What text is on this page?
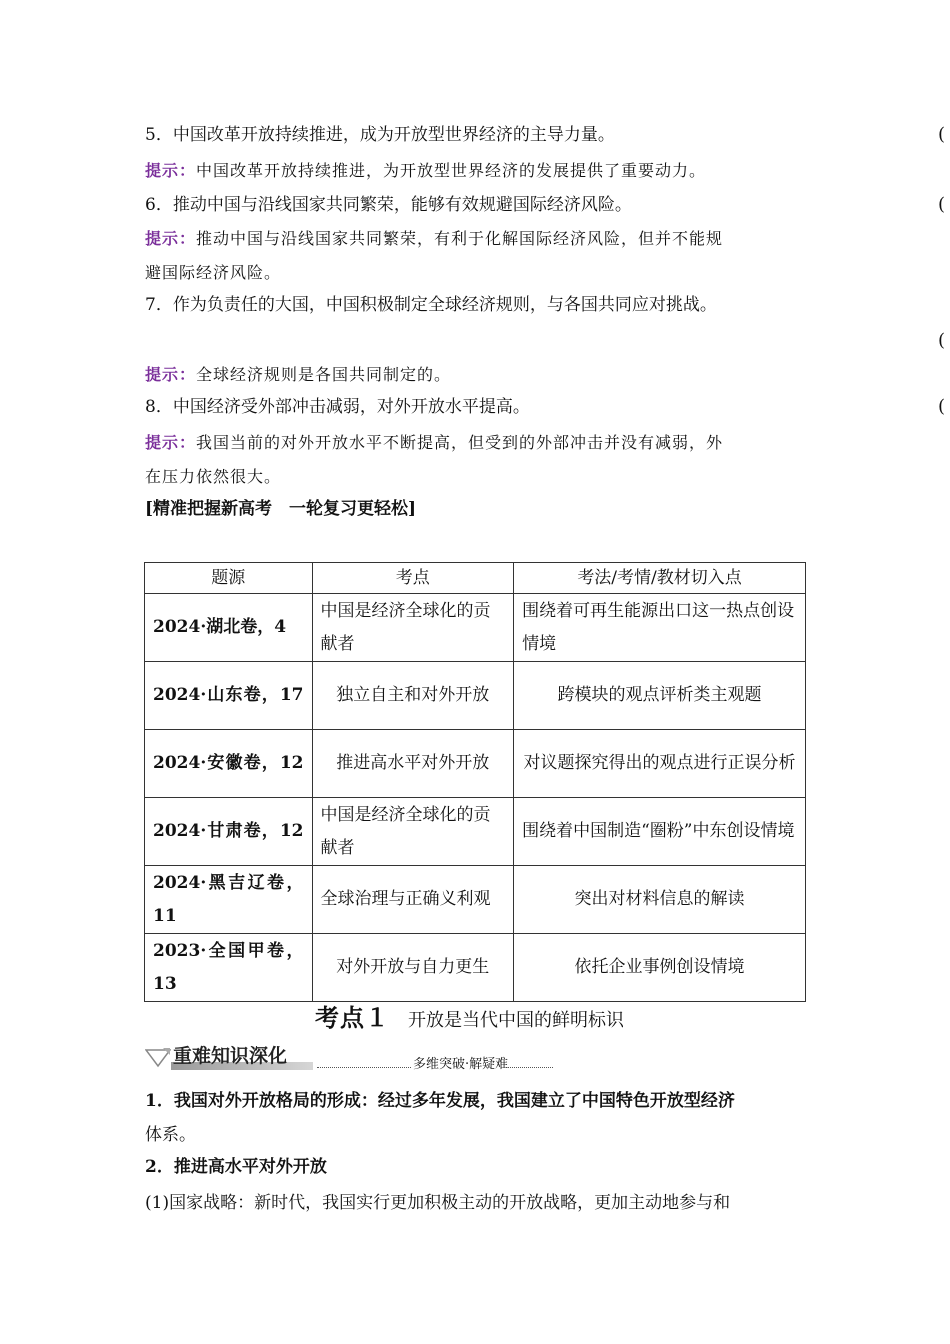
5．中国改革开放持续推进，成为开放型世界经济的主导力量。	(
提示：中国改革开放持续推进，为开放型世界经济的发展提供了重要动力。
6．推动中国与沿线国家共同繁荣，能够有效规避国际经济风险。	(
提示：推动中国与沿线国家共同繁荣，有利于化解国际经济风险，但并不能规
避国际经济风险。
7．作为负责任的大国，中国积极制定全球经济规则，与各国共同应对挑战。
(
提示：全球经济规则是各国共同制定的。
8．中国经济受外部冲击减弱，对外开放水平提高。	(
提示：我国当前的对外开放水平不断提高，但受到的外部冲击并没有减弱，外
在压力依然很大。
[精准把握新高考　一轮复习更轻松]
题源	考点	考法/考情/教材切入点
2024·湖北卷，4	中国是经济全球化的贡献者	围绕着可再生能源出口这一热点创设情境
2024·山东卷，17	独立自主和对外开放	跨模块的观点评析类主观题
2024·安徽卷，12	推进高水平对外开放	对议题探究得出的观点进行正误分析
2024·甘肃卷，12	中国是经济全球化的贡献者	围绕着中国制造“圈粉”中东创设情境
2024·黑吉辽卷，11	全球治理与正确义利观	突出对材料信息的解读
2023·全国甲卷，13	对外开放与自力更生	依托企业事例创设情境
考点１ 开放是当代中国的鲜明标识
重难知识深化	多维突破·解疑难
1．我国对外开放格局的形成：经过多年发展，我国建立了中国特色开放型经济
体系。
2．推进高水平对外开放
(1)国家战略：新时代，我国实行更加积极主动的开放战略，更加主动地参与和
